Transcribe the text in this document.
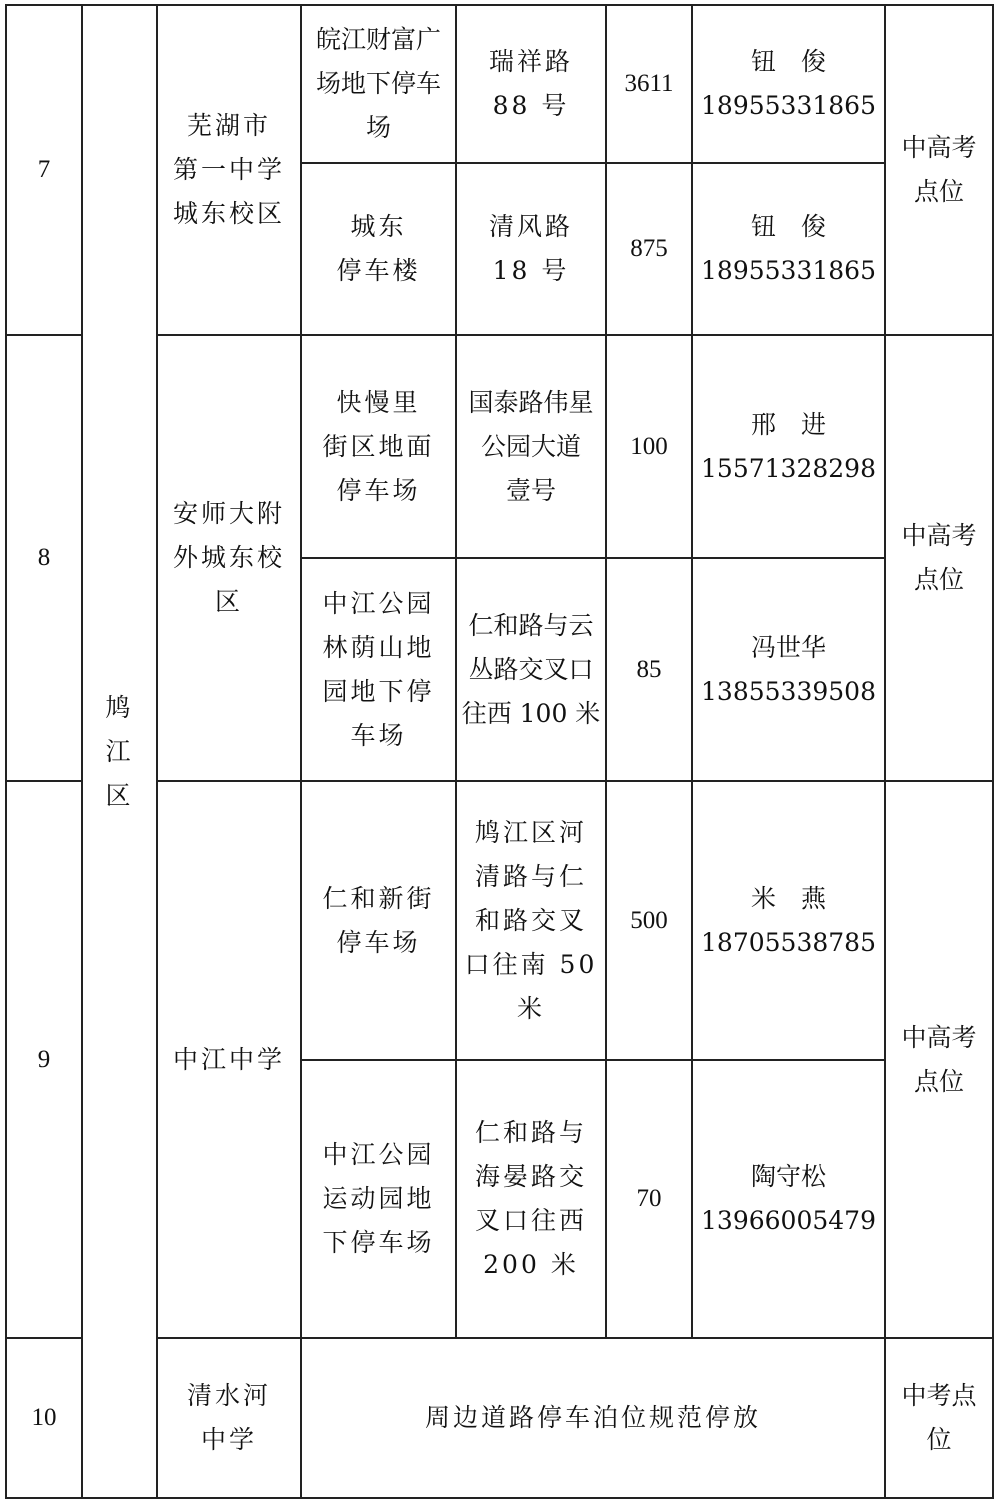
7	鸠
江
区	芜湖市
第一中学
城东校区	皖江财富广
场地下停车
场	瑞祥路
88 号	3611	钮　俊
18955331865	中高考
点位

			城东
停车楼	清风路
18 号	875	钮　俊
18955331865	

8		安师大附
外城东校
区	快慢里
街区地面
停车场	国泰路伟星
公园大道
壹号	100	邢　进
15571328298	中高考
点位

			中江公园
林荫山地
园地下停
车场	仁和路与云
丛路交叉口
往西 100 米	85	冯世华
13855339508	

9		中江中学	仁和新街
停车场	鸠江区河
清路与仁
和路交叉
口往南 50
米	500	米　燕
18705538785	中高考
点位

			中江公园
运动园地
下停车场	仁和路与
海晏路交
叉口往西
200 米	70	陶守松
13966005479	

10		清水河
中学	周边道路停车泊位规范停放				中考点
位
